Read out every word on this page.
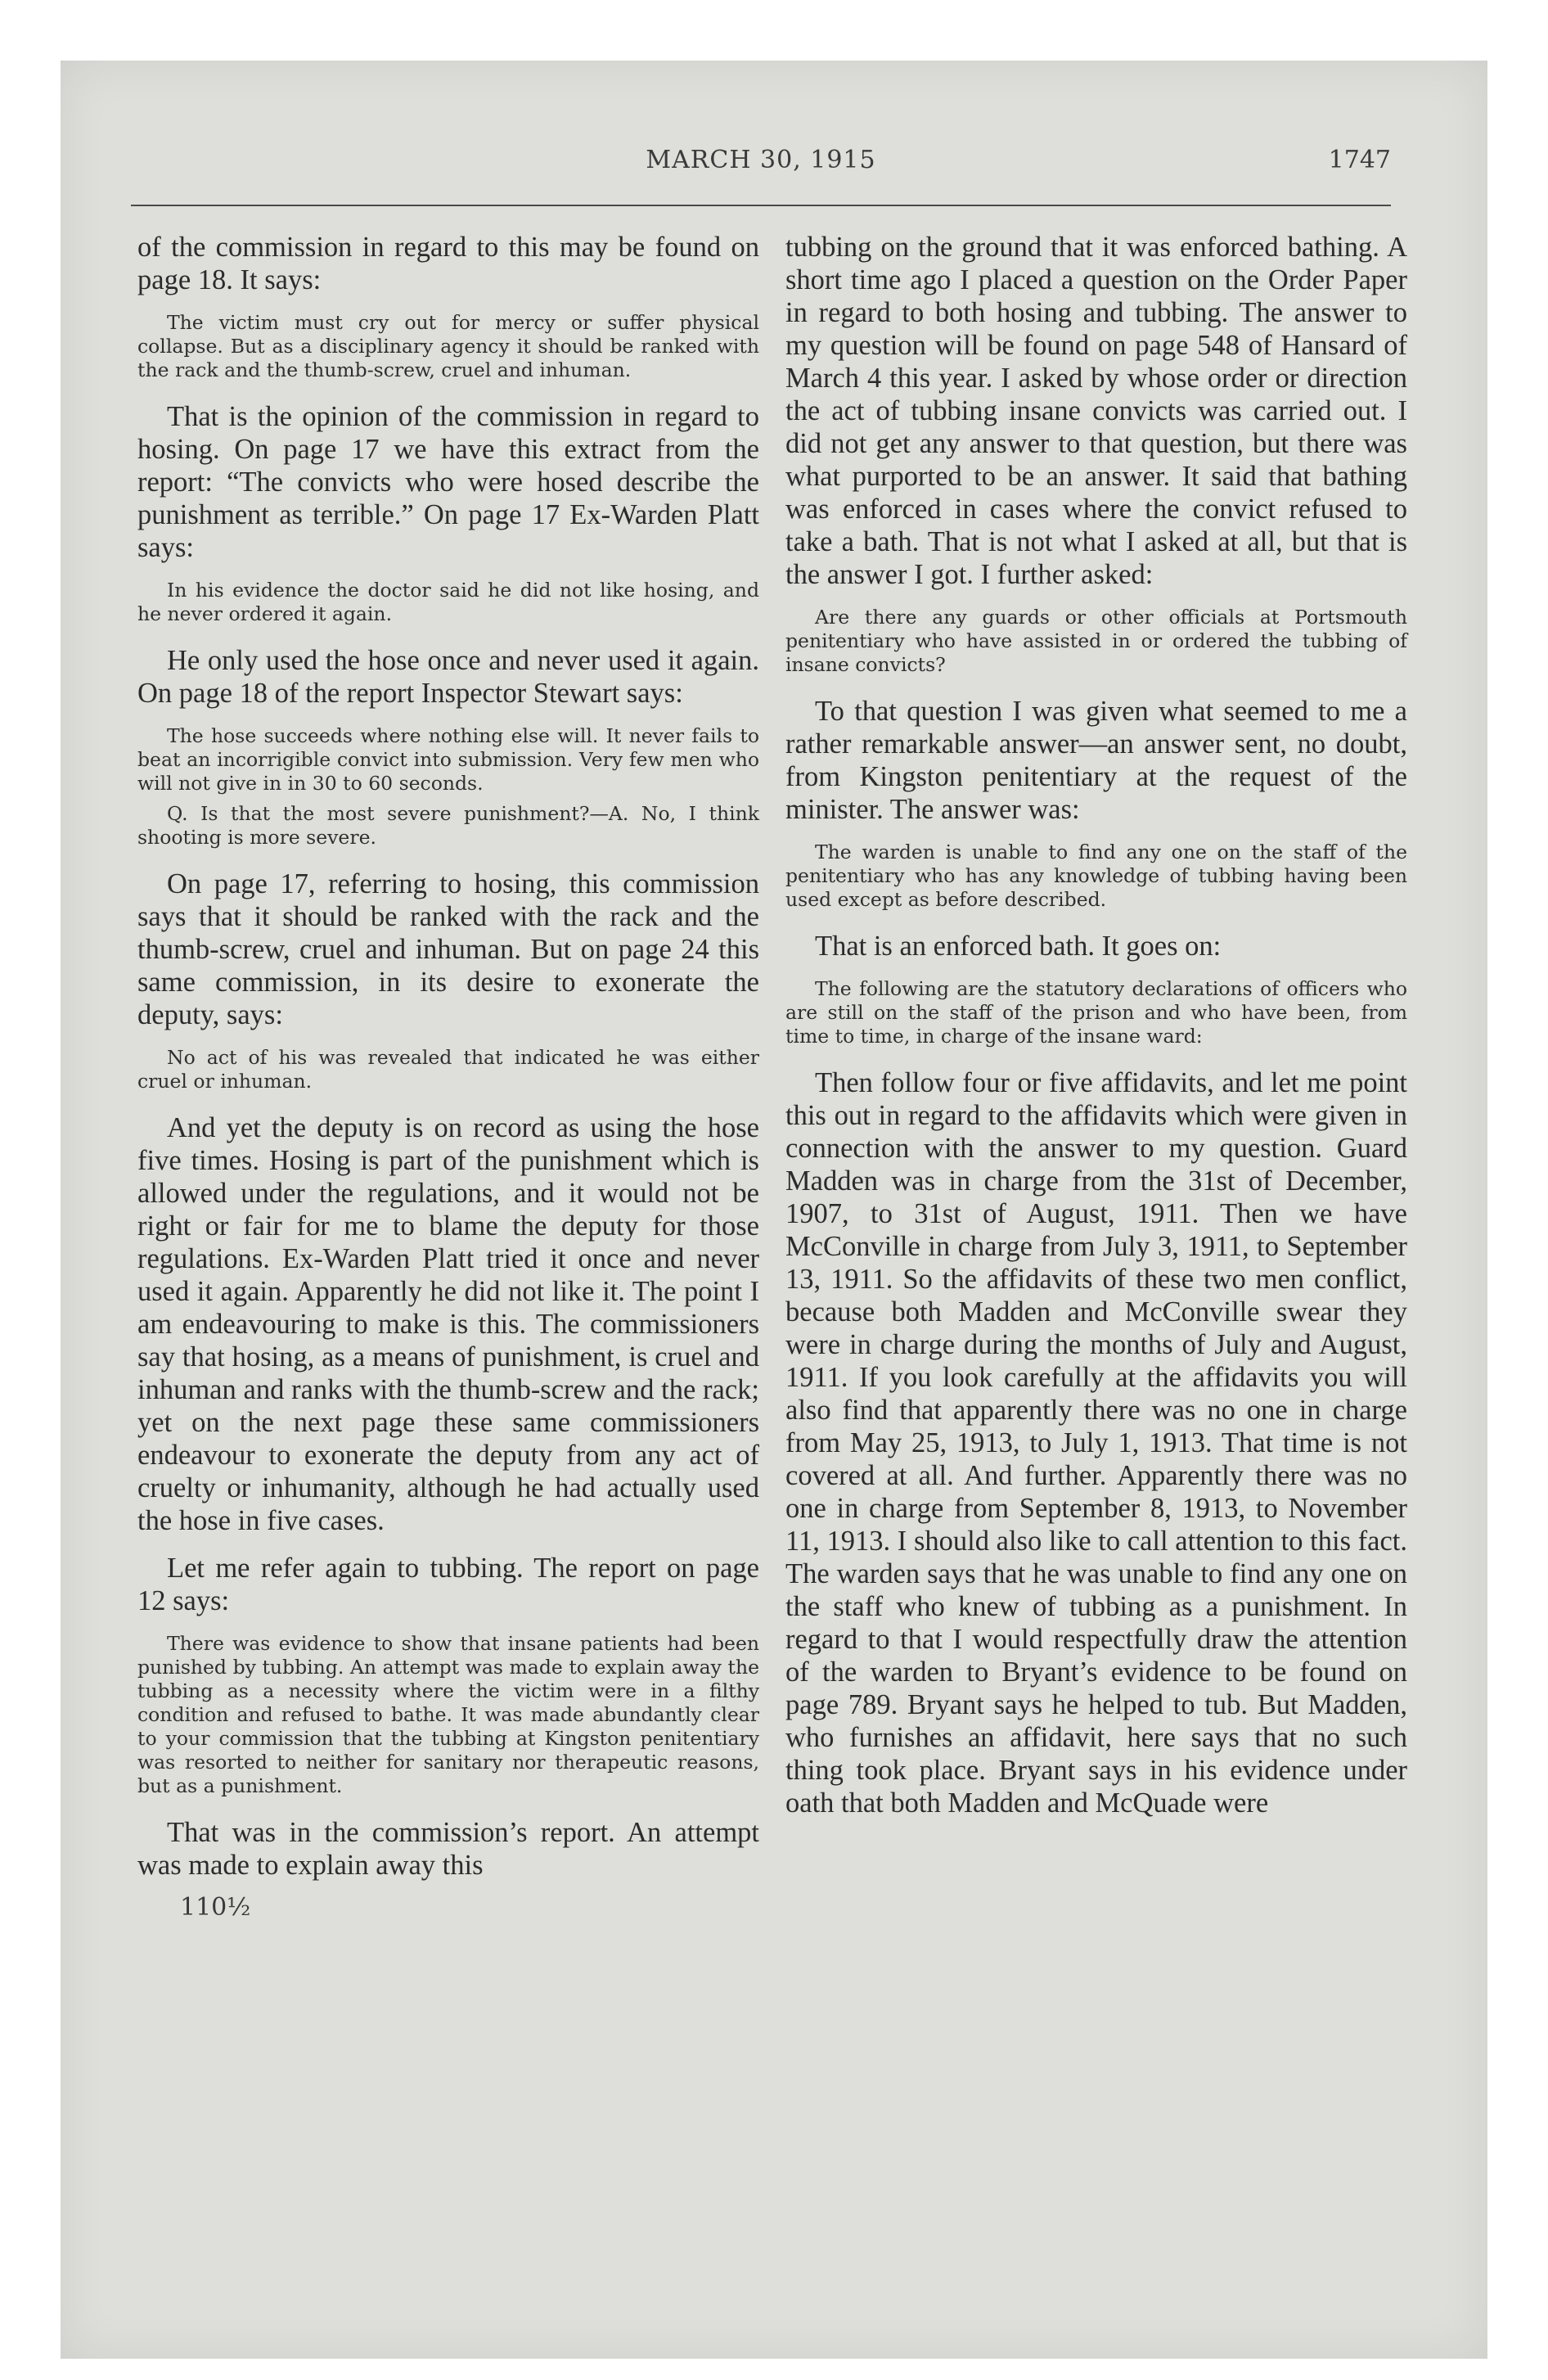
MARCH 30, 1915	1747

of the commission in regard to this may be found on page 18. It says:

The victim must cry out for mercy or suffer physical collapse. But as a disciplinary agency it should be ranked with the rack and the thumb-screw, cruel and inhuman.

That is the opinion of the commission in regard to hosing. On page 17 we have this extract from the report: “The convicts who were hosed describe the punishment as terrible.” On page 17 Ex-Warden Platt says:

In his evidence the doctor said he did not like hosing, and he never ordered it again.

He only used the hose once and never used it again. On page 18 of the report Inspector Stewart says:

The hose succeeds where nothing else will. It never fails to beat an incorrigible convict into submission. Very few men who will not give in in 30 to 60 seconds.

Q. Is that the most severe punishment?—A. No, I think shooting is more severe.

On page 17, referring to hosing, this commission says that it should be ranked with the rack and the thumb-screw, cruel and inhuman. But on page 24 this same commission, in its desire to exonerate the deputy, says:

No act of his was revealed that indicated he was either cruel or inhuman.

And yet the deputy is on record as using the hose five times. Hosing is part of the punishment which is allowed under the regulations, and it would not be right or fair for me to blame the deputy for those regulations. Ex-Warden Platt tried it once and never used it again. Apparently he did not like it. The point I am endeavouring to make is this. The commissioners say that hosing, as a means of punishment, is cruel and inhuman and ranks with the thumb-screw and the rack; yet on the next page these same commissioners endeavour to exonerate the deputy from any act of cruelty or inhumanity, although he had actually used the hose in five cases.

Let me refer again to tubbing. The report on page 12 says:

There was evidence to show that insane patients had been punished by tubbing. An attempt was made to explain away the tubbing as a necessity where the victim were in a filthy condition and refused to bathe. It was made abundantly clear to your commission that the tubbing at Kingston penitentiary was resorted to neither for sanitary nor therapeutic reasons, but as a punishment.

That was in the commission’s report. An attempt was made to explain away this

110½

tubbing on the ground that it was enforced bathing. A short time ago I placed a question on the Order Paper in regard to both hosing and tubbing. The answer to my question will be found on page 548 of Hansard of March 4 this year. I asked by whose order or direction the act of tubbing insane convicts was carried out. I did not get any answer to that question, but there was what purported to be an answer. It said that bathing was enforced in cases where the convict refused to take a bath. That is not what I asked at all, but that is the answer I got. I further asked:

Are there any guards or other officials at Portsmouth penitentiary who have assisted in or ordered the tubbing of insane convicts?

To that question I was given what seemed to me a rather remarkable answer—an answer sent, no doubt, from Kingston penitentiary at the request of the minister. The answer was:

The warden is unable to find any one on the staff of the penitentiary who has any knowledge of tubbing having been used except as before described.

That is an enforced bath. It goes on:

The following are the statutory declarations of officers who are still on the staff of the prison and who have been, from time to time, in charge of the insane ward:

Then follow four or five affidavits, and let me point this out in regard to the affidavits which were given in connection with the answer to my question. Guard Madden was in charge from the 31st of December, 1907, to 31st of August, 1911. Then we have McConville in charge from July 3, 1911, to September 13, 1911. So the affidavits of these two men conflict, because both Madden and McConville swear they were in charge during the months of July and August, 1911. If you look carefully at the affidavits you will also find that apparently there was no one in charge from May 25, 1913, to July 1, 1913. That time is not covered at all. And further. Apparently there was no one in charge from September 8, 1913, to November 11, 1913. I should also like to call attention to this fact. The warden says that he was unable to find any one on the staff who knew of tubbing as a punishment. In regard to that I would respectfully draw the attention of the warden to Bryant’s evidence to be found on page 789. Bryant says he helped to tub. But Madden, who furnishes an affidavit, here says that no such thing took place. Bryant says in his evidence under oath that both Madden and McQuade were
